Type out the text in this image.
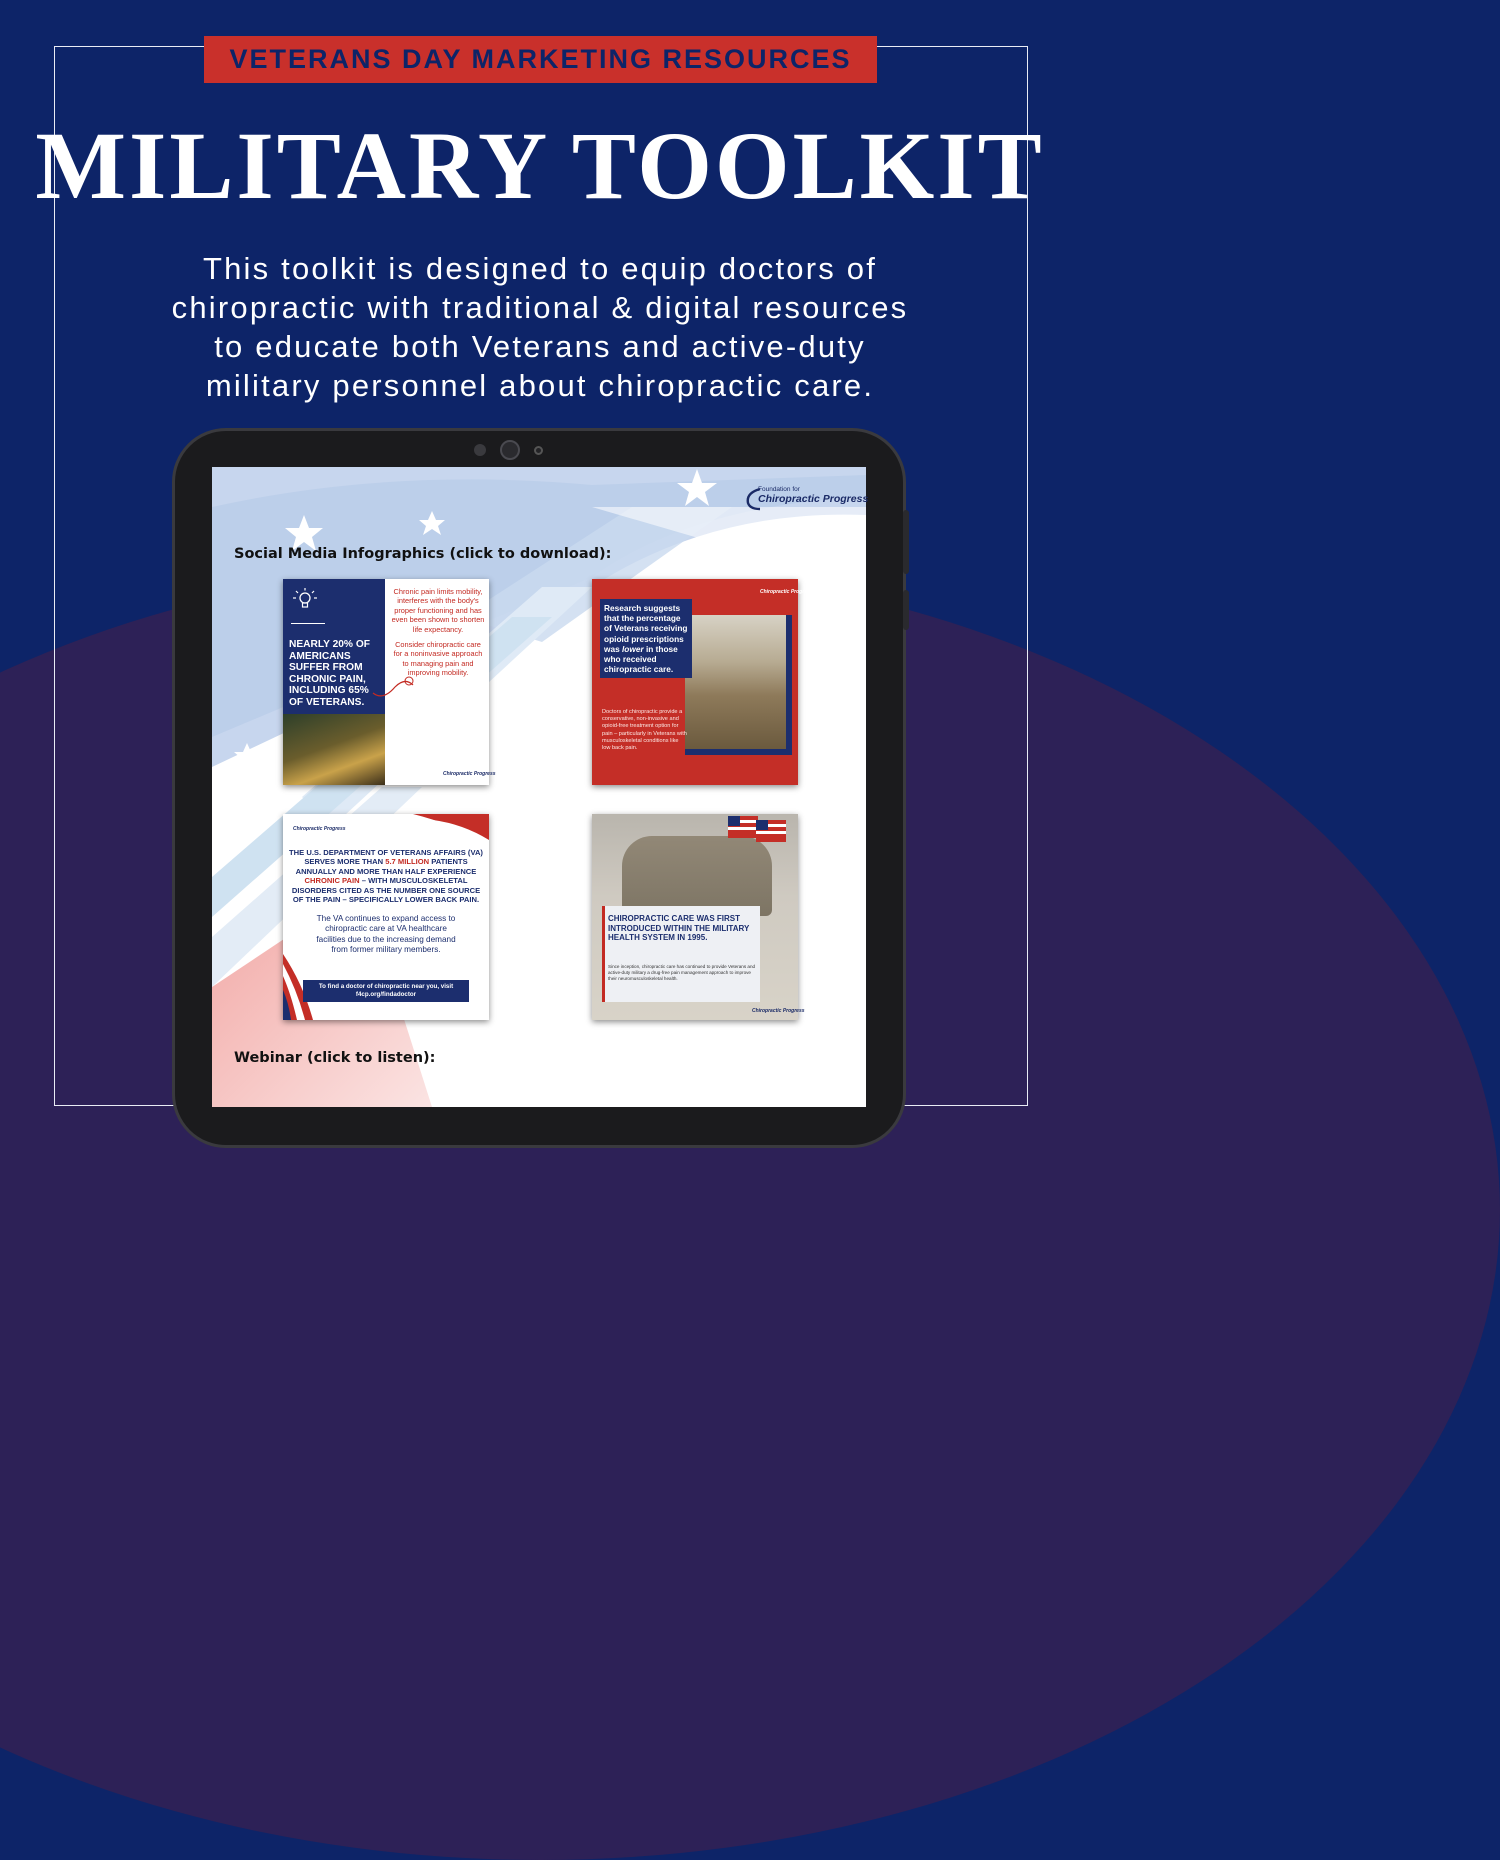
VETERANS DAY MARKETING RESOURCES
MILITARY TOOLKIT
This toolkit is designed to equip doctors of
chiropractic with traditional & digital resources
to educate both Veterans and active-duty
military personnel about chiropractic care.
Foundation for
Chiropractic Progress
Social Media Infographics (click to download):
NEARLY 20% OF AMERICANS SUFFER FROM CHRONIC PAIN, INCLUDING 65% OF VETERANS.
Chronic pain limits mobility, interferes with the body's proper functioning and has even been shown to shorten life expectancy.
Consider chiropractic care for a noninvasive approach to managing pain and improving mobility.
Chiropractic Progress
Chiropractic Progress
Research suggests that the percentage of Veterans receiving opioid prescriptions was lower in those who received chiropractic care.
Doctors of chiropractic provide a conservative, non-invasive and opioid-free treatment option for pain – particularly in Veterans with musculoskeletal conditions like low back pain.
Chiropractic Progress
THE U.S. DEPARTMENT OF VETERANS AFFAIRS (VA) SERVES MORE THAN 5.7 MILLION PATIENTS ANNUALLY AND MORE THAN HALF EXPERIENCE CHRONIC PAIN – WITH MUSCULOSKELETAL DISORDERS CITED AS THE NUMBER ONE SOURCE OF THE PAIN – SPECIFICALLY LOWER BACK PAIN.
The VA continues to expand access to chiropractic care at VA healthcare facilities due to the increasing demand from former military members.
To find a doctor of chiropractic near you, visit f4cp.org/findadoctor
CHIROPRACTIC CARE WAS FIRST INTRODUCED WITHIN THE MILITARY HEALTH SYSTEM IN 1995.
Since inception, chiropractic care has continued to provide Veterans and active-duty military a drug-free pain management approach to improve their neuromusculoskeletal health.
Chiropractic Progress
Webinar (click to listen):
